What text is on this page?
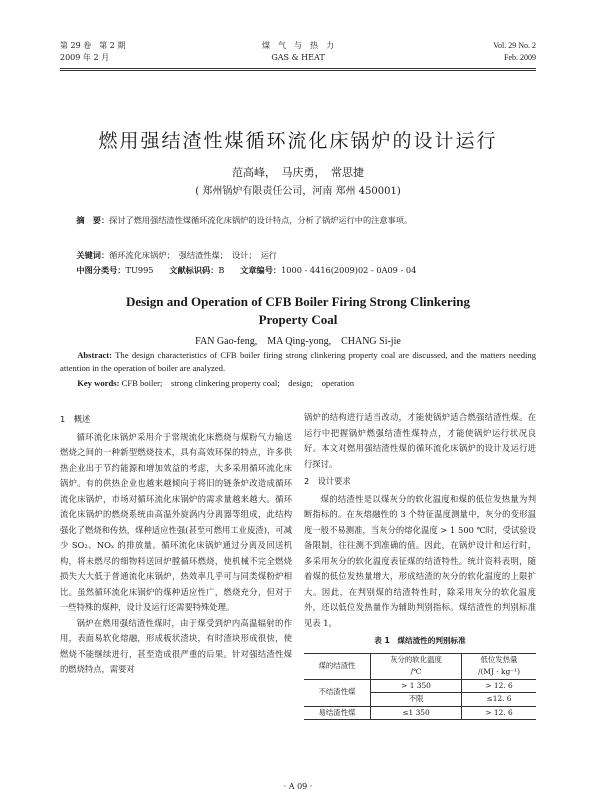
第 29 卷　第 2 期
2009 年 2 月
煤　气　与　热　力
GAS & HEAT
Vol. 29 No. 2
Feb. 2009
燃用强结渣性煤循环流化床锅炉的设计运行
范高峰，　马庆勇，　常思捷
( 郑州锅炉有限责任公司，河南 郑州 450001)
摘　要：探讨了燃用强结渣性煤循环流化床锅炉的设计特点，分析了锅炉运行中的注意事项。
关键词：循环流化床锅炉；　强结渣性煤；　设计；　运行
中图分类号：TU995 文献标识码：B 文章编号：1000 - 4416(2009)02 - 0A09 - 04
Design and Operation of CFB Boiler Firing Strong Clinkering
Property Coal
FAN Gao-feng,　MA Qing-yong,　CHANG Si-jie
Abstract: The design characteristics of CFB boiler firing strong clinkering property coal are discussed, and the matters needing attention in the operation of boiler are analyzed.
Key words: CFB boiler;　strong clinkering property coal;　design;　operation
1　概述

循环流化床锅炉采用介于常规流化床燃烧与煤粉气力输送燃烧之间的一种新型燃烧技术，具有高效环保的特点，许多供热企业出于节约能源和增加效益的考虑，大多采用循环流化床锅炉。有的供热企业也越来越倾向于将旧的链条炉改造成循环流化床锅炉，市场对循环流化床锅炉的需求量越来越大。循环流化床锅炉的燃烧系统由高温外旋涡内分离器等组成，此结构强化了燃烧和传热，煤种适应性强(甚至可燃用工业废渣)，可减少 SO₂、NOₓ 的排放量。循环流化床锅炉通过分离及回送机构，将未燃尽的细物料送回炉膛循环燃烧，使机械不完全燃烧损失大大低于普通流化床锅炉，热效率几乎可与同类煤粉炉相比。虽然循环流化床锅炉的煤种适应性广，燃烧充分，但对于一些特殊的煤种，设计及运行还需要特殊处理。

锅炉在燃用强结渣性煤时，由于煤受到炉内高温辐射的作用，表面易软化熔融，形成板状渣块，有时渣块形成很快，使燃烧不能继续进行，甚至造成很严重的后果。针对强结渣性煤的燃烧特点，需要对

锅炉的结构进行适当改动，才能使锅炉适合燃强结渣性煤。在运行中把握锅炉燃强结渣性煤特点，才能使锅炉运行状况良好。本文对燃用强结渣性煤的循环流化床锅炉的设计及运行进行探讨。

2　设计要求

煤的结渣性是以煤灰分的软化温度和煤的低位发热量为判断指标的。在灰熔融性的 3 个特征温度测量中，灰分的变形温度一般不易测准，当灰分的熔化温度 > 1 500 ℃时，受试验设备限制，往往测不到准确的值。因此，在锅炉设计和运行时，多采用灰分的软化温度表征煤的结渣特性。统计资料表明，随着煤的低位发热量增大，形成结渣的灰分的软化温度的上限扩大。因此，在判别煤的结渣特性时，除采用灰分的软化温度外，还以低位发热量作为辅助判别指标。煤结渣性的判别标准见表 1。

表 1　煤结渣性的判别标准
煤的结渣性	灰分的软化温度	低位发热量
	/℃	/(MJ · kg⁻¹)
不结渣性煤	> 1 350	> 12. 6
	不限	≤12. 6
易结渣性煤	≤1 350	> 12. 6
· A 09 ·
